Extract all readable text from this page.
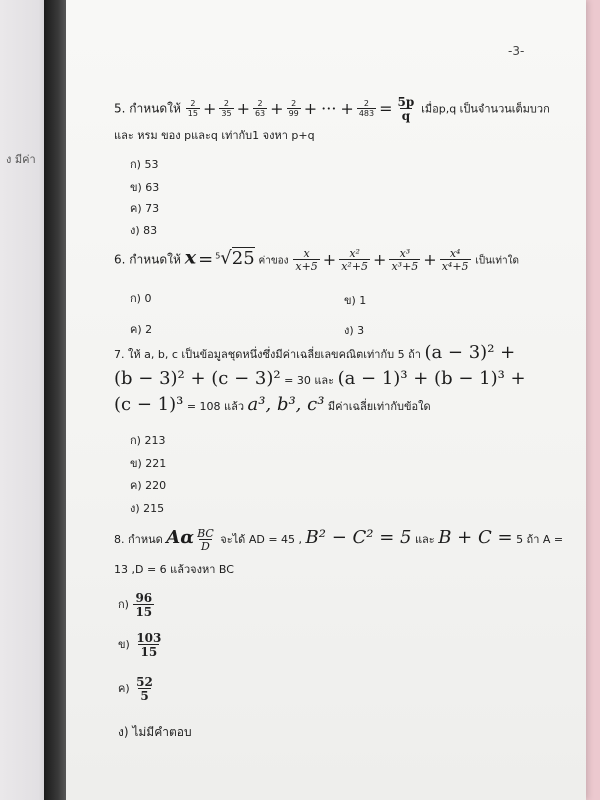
ง มีค่า
-3-
5. กำหนดให้ $\frac{2}{15} + \frac{2}{35} + \frac{2}{63} + \frac{2}{99}$ + ··· + $\frac{2}{483} = \frac{5p}{q}$ เมื่อp,q เป็นจำนวนเต็มบวก
และ หรม ของ pและq เท่ากับ1 จงหา p+q
ก) 53
ข) 63
ค) 73
ง) 83
6. กำหนดให้ x = $^5$√25 ค่าของ $\frac{x}{x+5} + \frac{\text{x²}}{\text{x²+5}} + \frac{\text{x³}}{\text{x³+5}} + \frac{\text{x⁴}}{\text{x⁴+5}}$ เป็นเท่าใด
ก) 0	ข) 1
ค) 2	ง) 3
7. ให้ a, b, c เป็นข้อมูลชุดหนึ่งซึ่งมีค่าเฉลี่ยเลขคณิตเท่ากับ 5 ถ้า (a − 3)² +
(b − 3)² + (c − 3)² = 30 และ (a − 1)³ + (b − 1)³ +
(c − 1)³ = 108 แล้ว a³, b³, c³ มีค่าเฉลี่ยเท่ากับข้อใด
ก) 213
ข) 221
ค) 220
ง) 215
8. กำหนด Aα $\frac{BC}{D}$ จะได้ AD = 45 , B² − C² = 5 และ B + C = 5 ถ้า A =
13 ,D = 6 แล้วจงหา BC
ก) $\frac{96}{15}$
ข) $\frac{103}{15}$
ค) $\frac{52}{5}$
ง) ไม่มีคำตอบ
